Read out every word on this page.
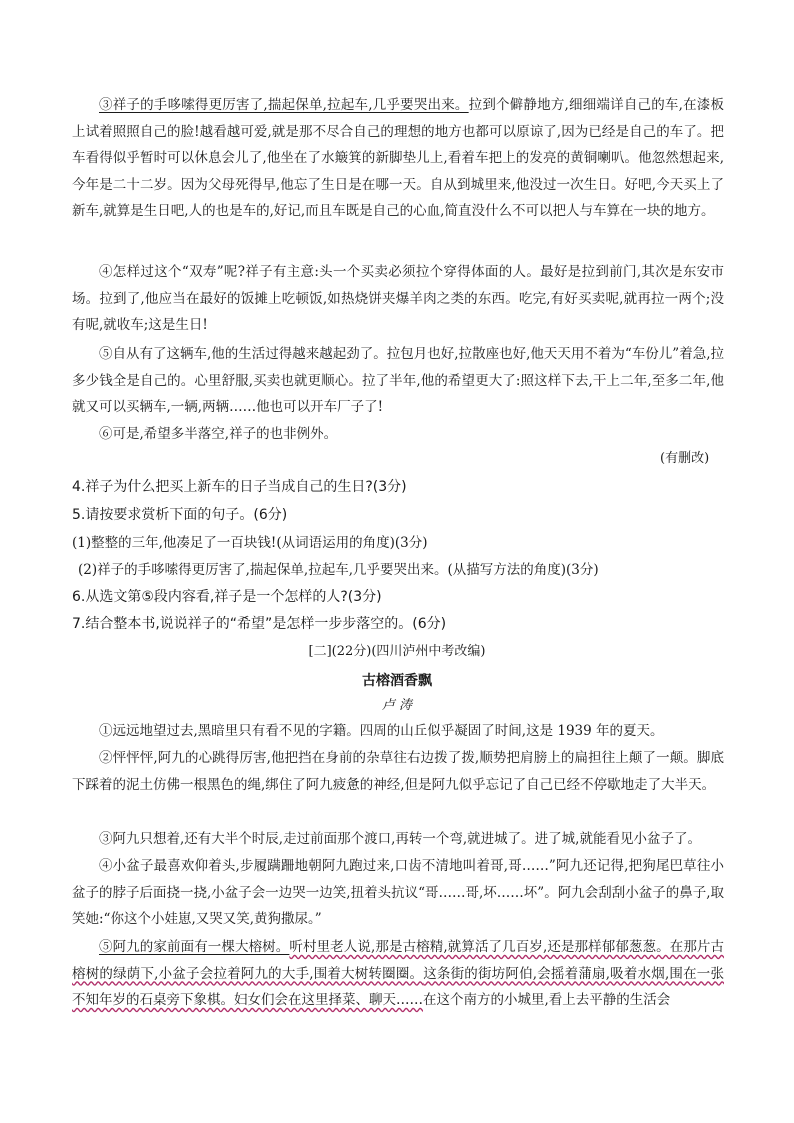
③祥子的手哆嗦得更厉害了,揣起保单,拉起车,几乎要哭出来。拉到个僻静地方,细细端详自己的车,在漆板上试着照照自己的脸!越看越可爱,就是那不尽合自己的理想的地方也都可以原谅了,因为已经是自己的车了。把车看得似乎暂时可以休息会儿了,他坐在了水簸箕的新脚垫儿上,看着车把上的发亮的黄铜喇叭。他忽然想起来,今年是二十二岁。因为父母死得早,他忘了生日是在哪一天。自从到城里来,他没过一次生日。好吧,今天买上了新车,就算是生日吧,人的也是车的,好记,而且车既是自己的心血,简直没什么不可以把人与车算在一块的地方。

④怎样过这个“双寿”呢?祥子有主意:头一个买卖必须拉个穿得体面的人。最好是拉到前门,其次是东安市场。拉到了,他应当在最好的饭摊上吃顿饭,如热烧饼夹爆羊肉之类的东西。吃完,有好买卖呢,就再拉一两个;没有呢,就收车;这是生日!

⑤自从有了这辆车,他的生活过得越来越起劲了。拉包月也好,拉散座也好,他天天用不着为“车份儿”着急,拉多少钱全是自己的。心里舒服,买卖也就更顺心。拉了半年,他的希望更大了:照这样下去,干上二年,至多二年,他就又可以买辆车,一辆,两辆……他也可以开车厂子了!

⑥可是,希望多半落空,祥子的也非例外。

(有删改)

4.祥子为什么把买上新车的日子当成自己的生日?(3分)

5.请按要求赏析下面的句子。(6分)

(1)整整的三年,他凑足了一百块钱!(从词语运用的角度)(3分)

(2)祥子的手哆嗦得更厉害了,揣起保单,拉起车,几乎要哭出来。(从描写方法的角度)(3分)

6.从选文第⑤段内容看,祥子是一个怎样的人?(3分)

7.结合整本书,说说祥子的“希望”是怎样一步步落空的。(6分)

[二](22分)(四川泸州中考改编)

古榕酒香飘

卢 涛

①远远地望过去,黑暗里只有看不见的字籍。四周的山丘似乎凝固了时间,这是 1939 年的夏天。

②怦怦怦,阿九的心跳得厉害,他把挡在身前的杂草往右边拨了拨,顺势把肩膀上的扁担往上颠了一颠。脚底下踩着的泥土仿佛一根黑色的绳,绑住了阿九疲惫的神经,但是阿九似乎忘记了自己已经不停歇地走了大半天。

③阿九只想着,还有大半个时辰,走过前面那个渡口,再转一个弯,就进城了。进了城,就能看见小盆子了。

④小盆子最喜欢仰着头,步履蹒跚地朝阿九跑过来,口齿不清地叫着哥,哥……”阿九还记得,把狗尾巴草往小盆子的脖子后面挠一挠,小盆子会一边哭一边笑,扭着头抗议“哥……哥,坏……坏”。阿九会刮刮小盆子的鼻子,取笑她:“你这个小娃崽,又哭又笑,黄狗撒尿。”

⑤阿九的家前面有一棵大榕树。听村里老人说,那是古榕精,就算活了几百岁,还是那样郁郁葱葱。在那片古榕树的绿荫下,小盆子会拉着阿九的大手,围着大树转圈圈。这条街的街坊阿伯,会摇着蒲扇,吸着水烟,围在一张不知年岁的石桌旁下象棋。妇女们会在这里择菜、聊天……在这个南方的小城里,看上去平静的生活会
